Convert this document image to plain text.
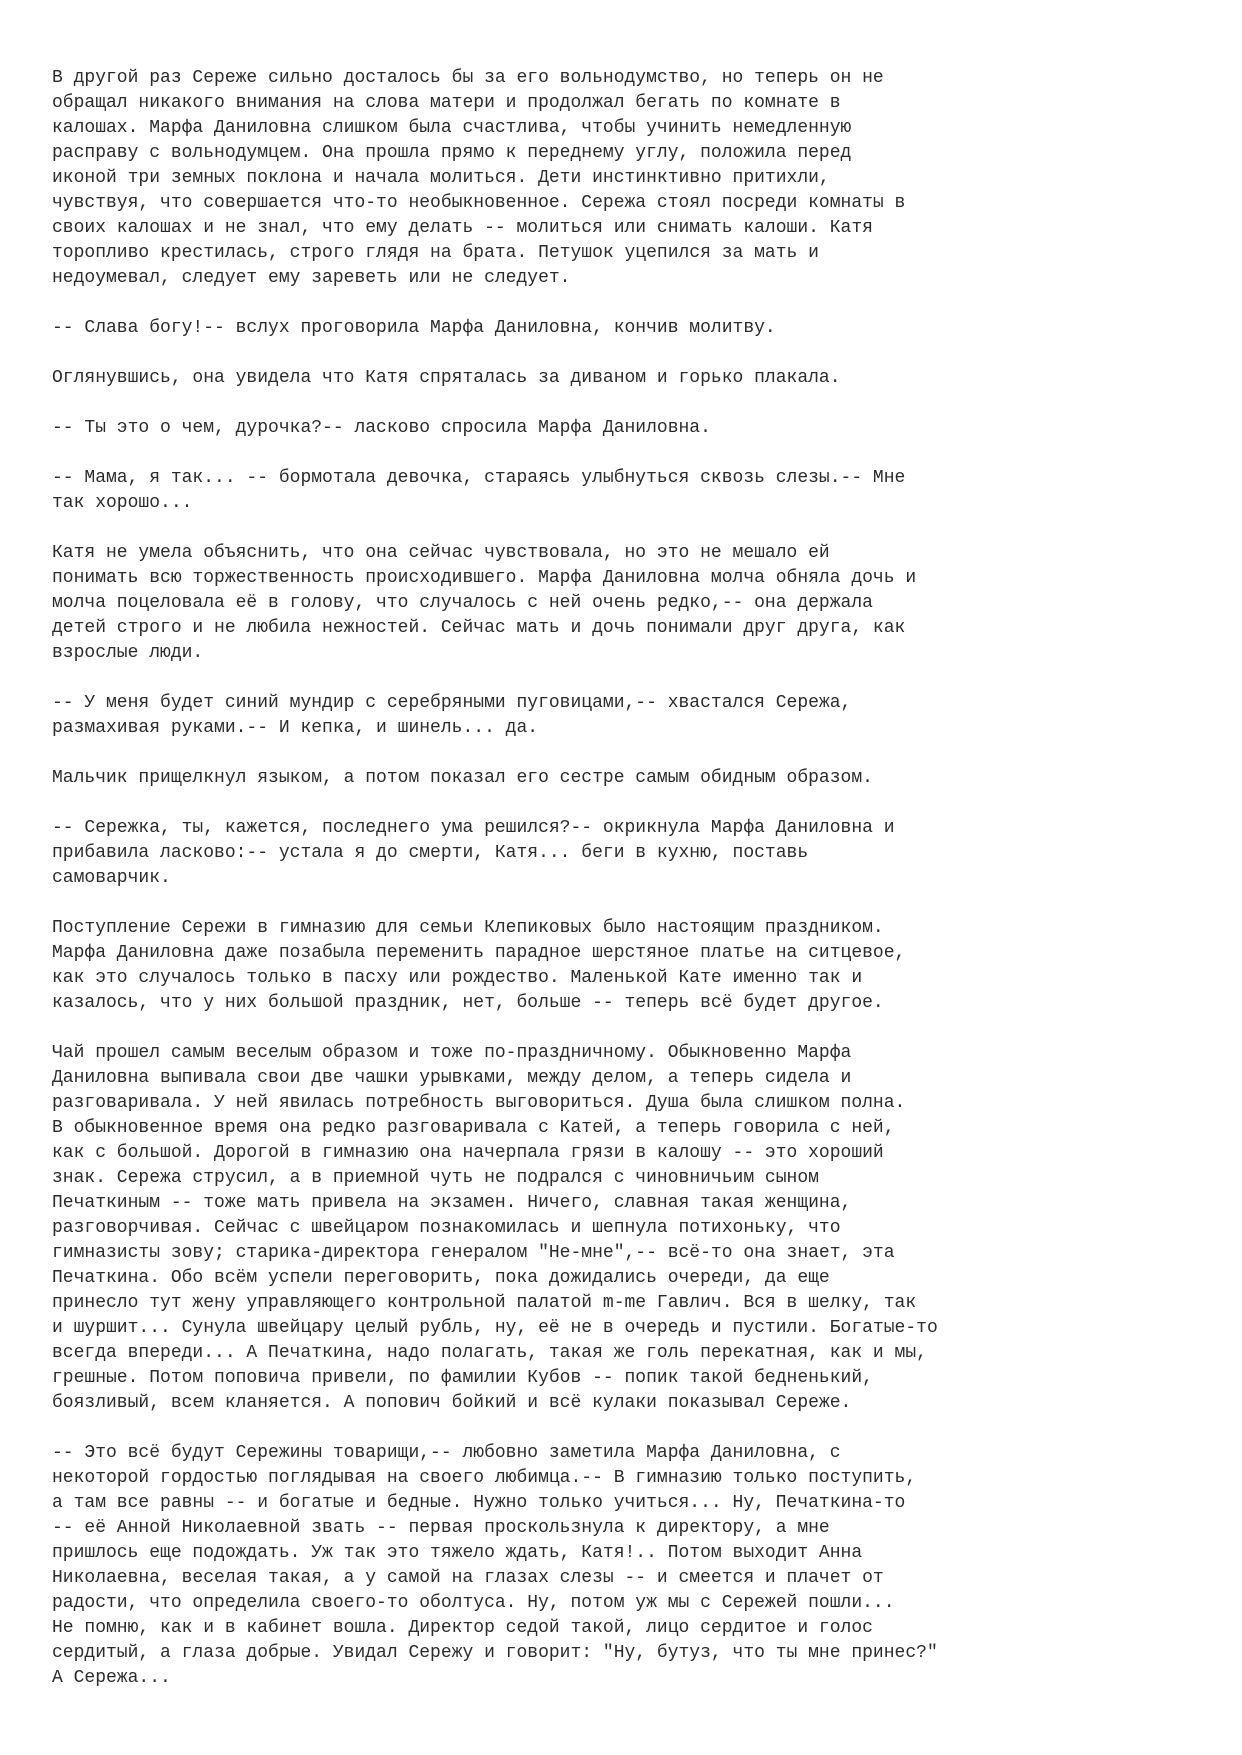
В другой раз Сереже сильно досталось бы за его вольнодумство, но теперь он не
обращал никакого внимания на слова матери и продолжал бегать по комнате в
калошах. Марфа Даниловна слишком была счастлива, чтобы учинить немедленную
расправу с вольнодумцем. Она прошла прямо к переднему углу, положила перед
иконой три земных поклона и начала молиться. Дети инстинктивно притихли,
чувствуя, что совершается что-то необыкновенное. Сережа стоял посреди комнаты в
своих калошах и не знал, что ему делать -- молиться или снимать калоши. Катя
торопливо крестилась, строго глядя на брата. Петушок уцепился за мать и
недоумевал, следует ему зареветь или не следует.

-- Слава богу!-- вслух проговорила Марфа Даниловна, кончив молитву.

Оглянувшись, она увидела что Катя спряталась за диваном и горько плакала.

-- Ты это о чем, дурочка?-- ласково спросила Марфа Даниловна.

-- Мама, я так... -- бормотала девочка, стараясь улыбнуться сквозь слезы.-- Мне
так хорошо...

Катя не умела объяснить, что она сейчас чувствовала, но это не мешало ей
понимать всю торжественность происходившего. Марфа Даниловна молча обняла дочь и
молча поцеловала её в голову, что случалось с ней очень редко,-- она держала
детей строго и не любила нежностей. Сейчас мать и дочь понимали друг друга, как
взрослые люди.

-- У меня будет синий мундир с серебряными пуговицами,-- хвастался Сережа,
размахивая руками.-- И кепка, и шинель... да.

Мальчик прищелкнул языком, а потом показал его сестре самым обидным образом.

-- Сережка, ты, кажется, последнего ума решился?-- окрикнула Марфа Даниловна и
прибавила ласково:-- устала я до смерти, Катя... беги в кухню, поставь
самоварчик.

Поступление Сережи в гимназию для семьи Клепиковых было настоящим праздником.
Марфа Даниловна даже позабыла переменить парадное шерстяное платье на ситцевое,
как это случалось только в пасху или рождество. Маленькой Кате именно так и
казалось, что у них большой праздник, нет, больше -- теперь всё будет другое.

Чай прошел самым веселым образом и тоже по-праздничному. Обыкновенно Марфа
Даниловна выпивала свои две чашки урывками, между делом, а теперь сидела и
разговаривала. У ней явилась потребность выговориться. Душа была слишком полна.
В обыкновенное время она редко разговаривала с Катей, а теперь говорила с ней,
как с большой. Дорогой в гимназию она начерпала грязи в калошу -- это хороший
знак. Сережа струсил, а в приемной чуть не подрался с чиновничьим сыном
Печаткиным -- тоже мать привела на экзамен. Ничего, славная такая женщина,
разговорчивая. Сейчас с швейцаром познакомилась и шепнула потихоньку, что
гимназисты зову; старика-директора генералом "Не-мне",-- всё-то она знает, эта
Печаткина. Обо всём успели переговорить, пока дожидались очереди, да еще
принесло тут жену управляющего контрольной палатой m-me Гавлич. Вся в шелку, так
и шуршит... Сунула швейцару целый рубль, ну, её не в очередь и пустили. Богатые-то
всегда впереди... А Печаткина, надо полагать, такая же голь перекатная, как и мы,
грешные. Потом поповича привели, по фамилии Кубов -- попик такой бедненький,
боязливый, всем кланяется. А попович бойкий и всё кулаки показывал Сереже.

-- Это всё будут Сережины товарищи,-- любовно заметила Марфа Даниловна, с
некоторой гордостью поглядывая на своего любимца.-- В гимназию только поступить,
а там все равны -- и богатые и бедные. Нужно только учиться... Ну, Печаткина-то
-- её Анной Николаевной звать -- первая проскользнула к директору, а мне
пришлось еще подождать. Уж так это тяжело ждать, Катя!.. Потом выходит Анна
Николаевна, веселая такая, а у самой на глазах слезы -- и смеется и плачет от
радости, что определила своего-то оболтуса. Ну, потом уж мы с Сережей пошли...
Не помню, как и в кабинет вошла. Директор седой такой, лицо сердитое и голос
сердитый, а глаза добрые. Увидал Сережу и говорит: "Ну, бутуз, что ты мне принес?"
А Сережа...
